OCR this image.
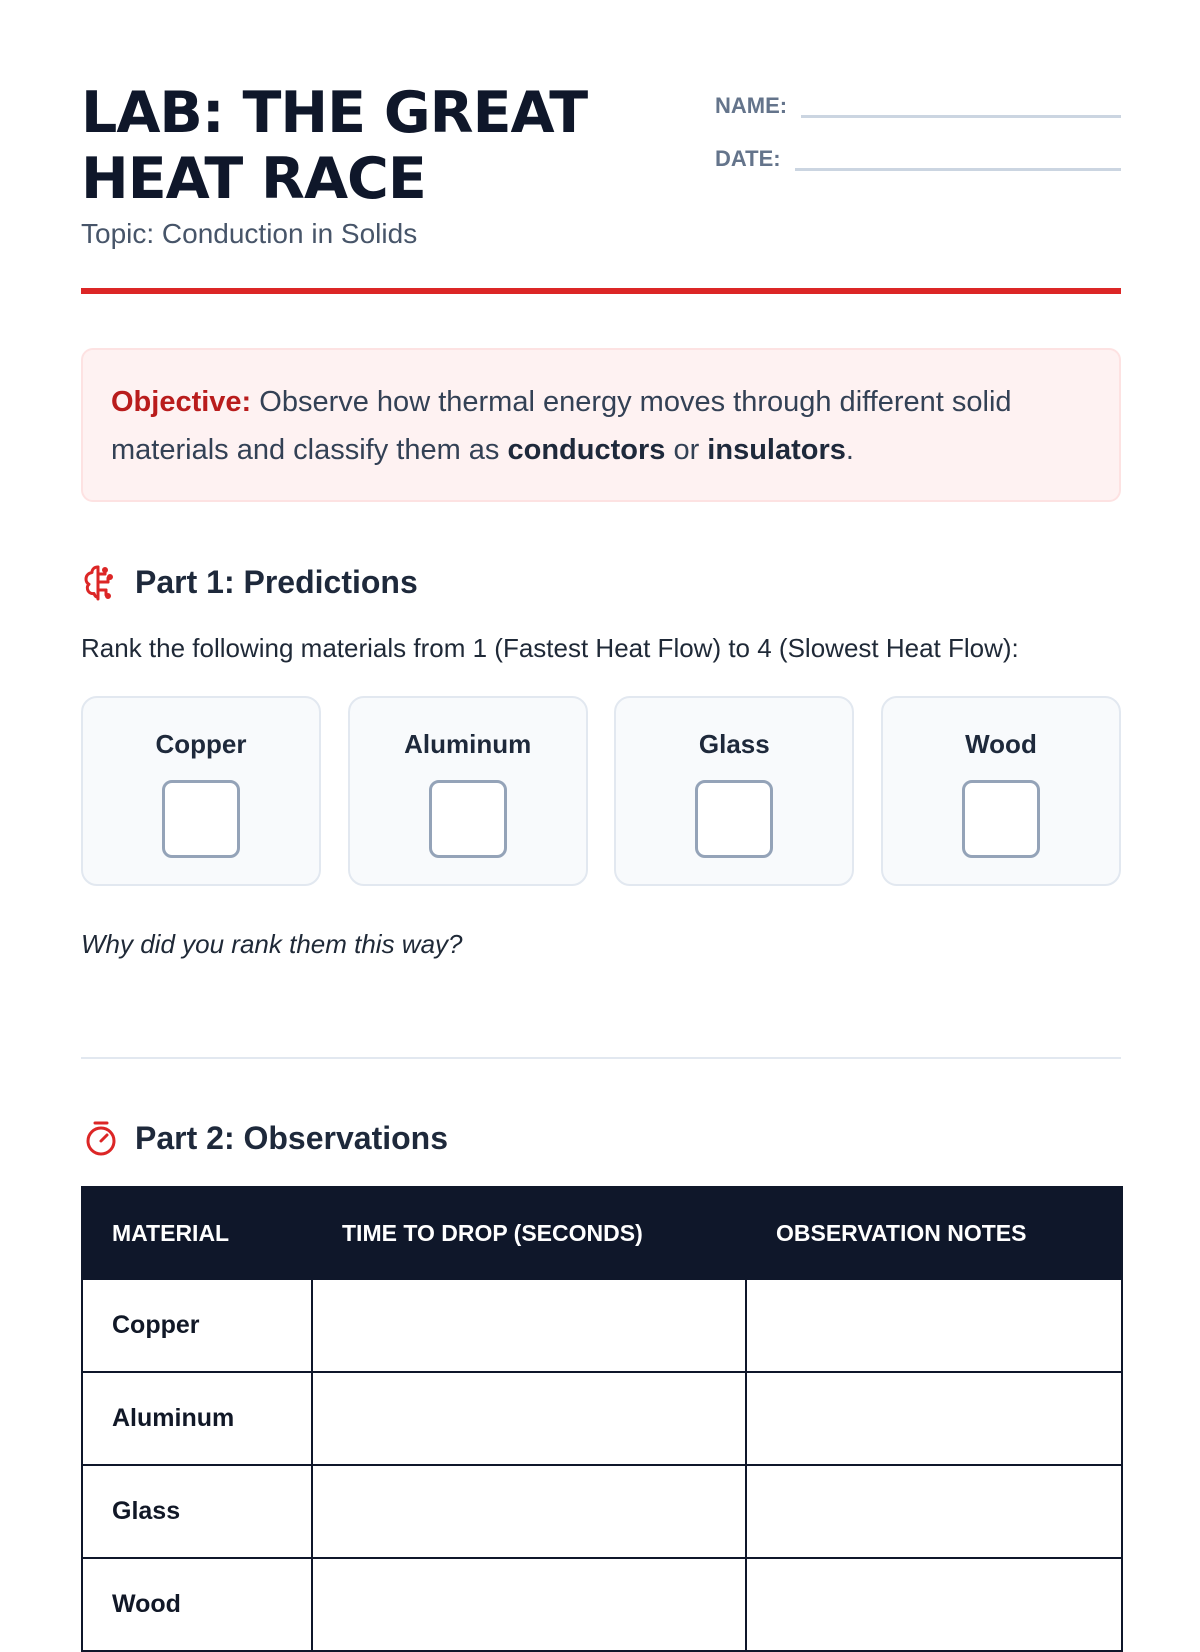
LAB: THE GREAT HEAT RACE
Topic: Conduction in Solids
NAME:
DATE:
Objective: Observe how thermal energy moves through different solid materials and classify them as conductors or insulators.
Part 1: Predictions
Rank the following materials from 1 (Fastest Heat Flow) to 4 (Slowest Heat Flow):
Copper	Aluminum	Glass	Wood
Why did you rank them this way?
Part 2: Observations
MATERIAL	TIME TO DROP (SECONDS)	OBSERVATION NOTES
Copper		
Aluminum		
Glass		
Wood		
